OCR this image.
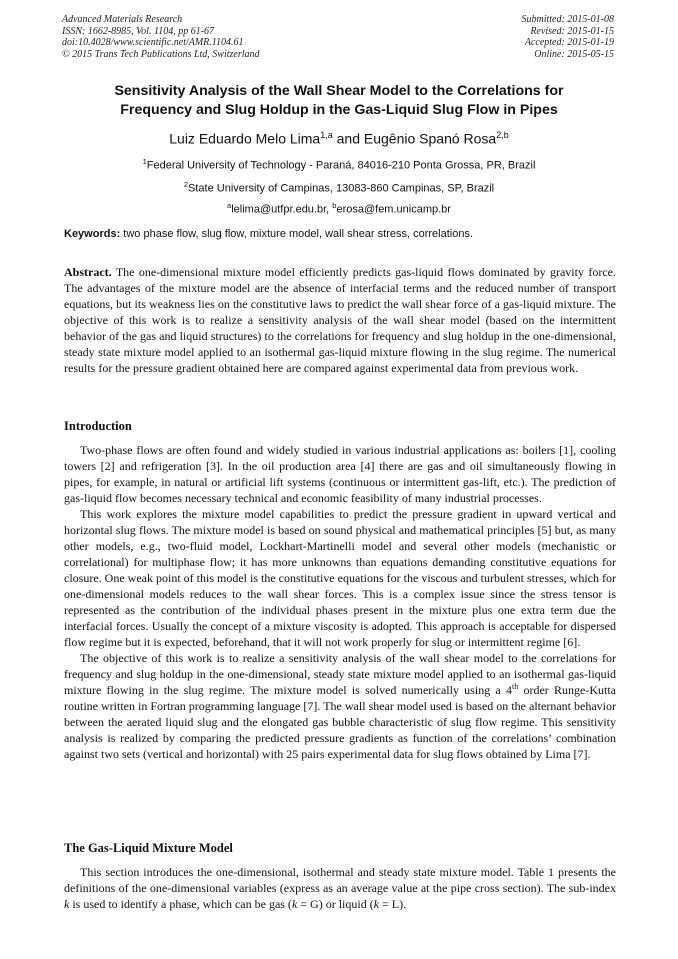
Advanced Materials Research
ISSN: 1662-8985, Vol. 1104, pp 61-67
doi:10.4028/www.scientific.net/AMR.1104.61
© 2015 Trans Tech Publications Ltd, Switzerland
Submitted: 2015-01-08
Revised: 2015-01-15
Accepted: 2015-01-19
Online: 2015-05-15
Sensitivity Analysis of the Wall Shear Model to the Correlations for
Frequency and Slug Holdup in the Gas-Liquid Slug Flow in Pipes
Luiz Eduardo Melo Lima$^{1,a}$ and Eugênio Spanó Rosa$^{2,b}$
$^1$Federal University of Technology - Paraná, 84016-210 Ponta Grossa, PR, Brazil
$^2$State University of Campinas, 13083-860 Campinas, SP, Brazil
$^a$lelima@utfpr.edu.br, $^b$erosa@fem.unicamp.br
Keywords: two phase flow, slug flow, mixture model, wall shear stress, correlations.
Abstract. The one-dimensional mixture model efficiently predicts gas-liquid flows dominated by gravity force. The advantages of the mixture model are the absence of interfacial terms and the reduced number of transport equations, but its weakness lies on the constitutive laws to predict the wall shear force of a gas-liquid mixture. The objective of this work is to realize a sensitivity analysis of the wall shear model (based on the intermittent behavior of the gas and liquid structures) to the correlations for frequency and slug holdup in the one-dimensional, steady state mixture model applied to an isothermal gas-liquid mixture flowing in the slug regime. The numerical results for the pressure gradient obtained here are compared against experimental data from previous work.
Introduction

Two-phase flows are often found and widely studied in various industrial applications as: boilers [1], cooling towers [2] and refrigeration [3]. In the oil production area [4] there are gas and oil simultaneously flowing in pipes, for example, in natural or artificial lift systems (continuous or intermittent gas-lift, etc.). The prediction of gas-liquid flow becomes necessary technical and economic feasibility of many industrial processes.

This work explores the mixture model capabilities to predict the pressure gradient in upward vertical and horizontal slug flows. The mixture model is based on sound physical and mathematical principles [5] but, as many other models, e.g., two-fluid model, Lockhart-Martinelli model and several other models (mechanistic or correlational) for multiphase flow; it has more unknowns than equations demanding constitutive equations for closure. One weak point of this model is the constitutive equations for the viscous and turbulent stresses, which for one-dimensional models reduces to the wall shear forces. This is a complex issue since the stress tensor is represented as the contribution of the individual phases present in the mixture plus one extra term due the interfacial forces. Usually the concept of a mixture viscosity is adopted. This approach is acceptable for dispersed flow regime but it is expected, beforehand, that it will not work properly for slug or intermittent regime [6].

The objective of this work is to realize a sensitivity analysis of the wall shear model to the correlations for frequency and slug holdup in the one-dimensional, steady state mixture model applied to an isothermal gas-liquid mixture flowing in the slug regime. The mixture model is solved numerically using a 4th order Runge-Kutta routine written in Fortran programming language [7]. The wall shear model used is based on the alternant behavior between the aerated liquid slug and the elongated gas bubble characteristic of slug flow regime. This sensitivity analysis is realized by comparing the predicted pressure gradients as function of the correlations’ combination against two sets (vertical and horizontal) with 25 pairs experimental data for slug flows obtained by Lima [7].

The Gas-Liquid Mixture Model

This section introduces the one-dimensional, isothermal and steady state mixture model. Table 1 presents the definitions of the one-dimensional variables (express as an average value at the pipe cross section). The sub-index k is used to identify a phase, which can be gas (k = G) or liquid (k = L).
